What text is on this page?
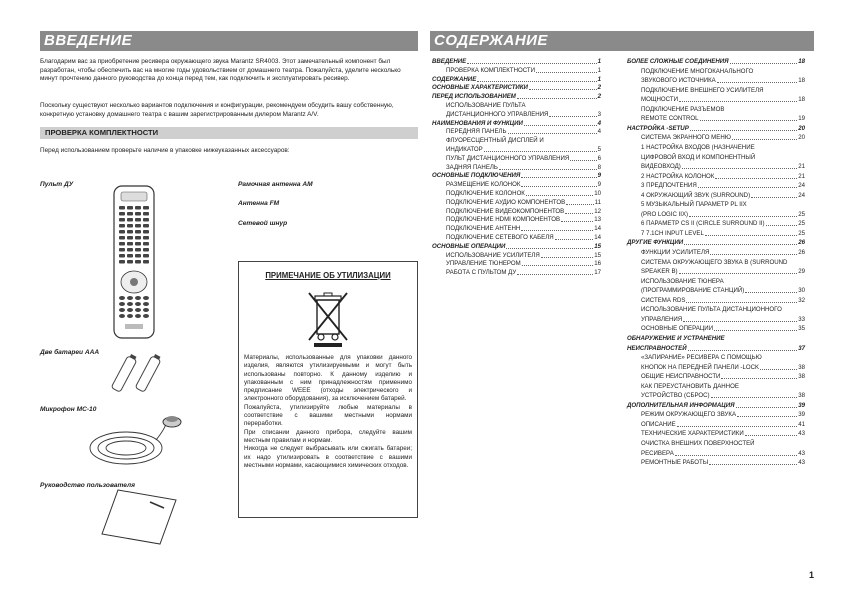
ВВЕДЕНИЕ
Благодарим вас за приобретение ресивера окружающего звука Marantz SR4003. Этот замечательный компонент был разработан, чтобы обеспечить вас на многие годы удовольствием от домашнего театра. Пожалуйста, уделите несколько минут прочтению данного руководства до конца перед тем, как подключить и эксплуатировать ресивер.
Поскольку существуют несколько вариантов подключения и конфигурации, рекомендуем обсудить вашу собственную, конкретную установку домашнего театра с вашим зарегистрированным дилером Marantz A/V.
ПРОВЕРКА КОМПЛЕКТНОСТИ
Перед использованием проверьте наличие в упаковке нижеуказанных аксессуаров:
Пульт ДУ	Рамочная антенна AM
Антенна FM
Сетевой шнур
Две батареи AAA
Микрофон MC-10
Руководство пользователя
ПРИМЕЧАНИЕ ОБ УТИЛИЗАЦИИ

Материалы, использованные для упаковки данного изделия, являются утилизируемыми и могут быть использованы повторно. К данному изделию и упакованным с ним принадлежностям применимо предписание WEEE (отходы электрического и электронного оборудования), за исключением батарей.

Пожалуйста, утилизируйте любые материалы в соответствие с вашими местными нормами переработки.

При списании данного прибора, следуйте вашим местным правилам и нормам.

Никогда не следует выбрасывать или сжигать батареи; их надо утилизировать в соответствие с вашими местными нормами, касающимися химических отходов.

СОДЕРЖАНИЕ
ВВЕДЕНИЕ	1
ПРОВЕРКА КОМПЛЕКТНОСТИ	1
СОДЕРЖАНИЕ	1
ОСНОВНЫЕ ХАРАКТЕРИСТИКИ	2
ПЕРЕД ИСПОЛЬЗОВАНИЕМ	2
ИСПОЛЬЗОВАНИЕ ПУЛЬТА
ДИСТАНЦИОННОГО УПРАВЛЕНИЯ	3
НАИМЕНОВАНИЯ И ФУНКЦИИ	4
ПЕРЕДНЯЯ ПАНЕЛЬ	4
ФЛУОРЕСЦЕНТНЫЙ ДИСПЛЕЙ И
ИНДИКАТОР	5
ПУЛЬТ ДИСТАНЦИОННОГО УПРАВЛЕНИЯ	6
ЗАДНЯЯ ПАНЕЛЬ	8
ОСНОВНЫЕ ПОДКЛЮЧЕНИЯ	9
РАЗМЕЩЕНИЕ КОЛОНОК	9
ПОДКЛЮЧЕНИЕ КОЛОНОК	10
ПОДКЛЮЧЕНИЕ АУДИО КОМПОНЕНТОВ	11
ПОДКЛЮЧЕНИЕ ВИДЕОКОМПОНЕНТОВ	12
ПОДКЛЮЧЕНИЕ HDMI КОМПОНЕНТОВ	13
ПОДКЛЮЧЕНИЕ АНТЕНН	14
ПОДКЛЮЧЕНИЕ СЕТЕВОГО КАБЕЛЯ	14
ОСНОВНЫЕ ОПЕРАЦИИ	15
ИСПОЛЬЗОВАНИЕ УСИЛИТЕЛЯ	15
УПРАВЛЕНИЕ ТЮНЕРОМ	16
РАБОТА С ПУЛЬТОМ ДУ	17
БОЛЕЕ СЛОЖНЫЕ СОЕДИНЕНИЯ	18
ПОДКЛЮЧЕНИЕ МНОГОКАНАЛЬНОГО
ЗВУКОВОГО ИСТОЧНИКА	18
ПОДКЛЮЧЕНИЕ ВНЕШНЕГО УСИЛИТЕЛЯ
МОЩНОСТИ	18
ПОДКЛЮЧЕНИЕ РАЗЪЕМОВ
REMOTE CONTROL	19
НАСТРОЙКА -SETUP	20
СИСТЕМА ЭКРАННОГО МЕНЮ	20
1 НАСТРОЙКА ВХОДОВ (НАЗНАЧЕНИЕ
ЦИФРОВОЙ ВХОД И КОМПОНЕНТНЫЙ
ВИДЕОВХОД)	21
2 НАСТРОЙКА КОЛОНОК	21
3 ПРЕДПОЧТЕНИЯ	24
4 ОКРУЖАЮЩИЙ ЗВУК (SURROUND)	24
5 МУЗЫКАЛЬНЫЙ ПАРАМЕТР PL IIX
(PRO LOGIC IIX)	25
6 ПАРАМЕТР CS II (CIRCLE SURROUND II)	25
7 7.1CH INPUT LEVEL	25
ДРУГИЕ ФУНКЦИИ	26
ФУНКЦИИ УСИЛИТЕЛЯ	26
СИСТЕМА ОКРУЖАЮЩЕГО ЗВУКА В (SURROUND
SPEAKER B)	29
ИСПОЛЬЗОВАНИЕ ТЮНЕРА
(ПРОГРАММИРОВАНИЕ СТАНЦИЙ)	30
СИСТЕМА RDS	32
ИСПОЛЬЗОВАНИЕ ПУЛЬТА ДИСТАНЦИОННОГО
УПРАВЛЕНИЯ	33
ОСНОВНЫЕ ОПЕРАЦИИ	35
ОБНАРУЖЕНИЕ И УСТРАНЕНИЕ
НЕИСПРАВНОСТЕЙ	37
«ЗАПИРАНИЕ» РЕСИВЕРА С ПОМОЩЬЮ
КНОПОК НА ПЕРЕДНЕЙ ПАНЕЛИ -LOCK	38
ОБЩИЕ НЕИСПРАВНОСТИ	38
КАК ПЕРЕУСТАНОВИТЬ ДАННОЕ
УСТРОЙСТВО (СБРОС)	38
ДОПОЛНИТЕЛЬНАЯ ИНФОРМАЦИЯ	39
РЕЖИМ ОКРУЖАЮЩЕГО ЗВУКА	39
ОПИСАНИЕ	41
ТЕХНИЧЕСКИЕ ХАРАКТЕРИСТИКИ	43
ОЧИСТКА ВНЕШНИХ ПОВЕРХНОСТЕЙ
РЕСИВЕРА	43
РЕМОНТНЫЕ РАБОТЫ	43
1
